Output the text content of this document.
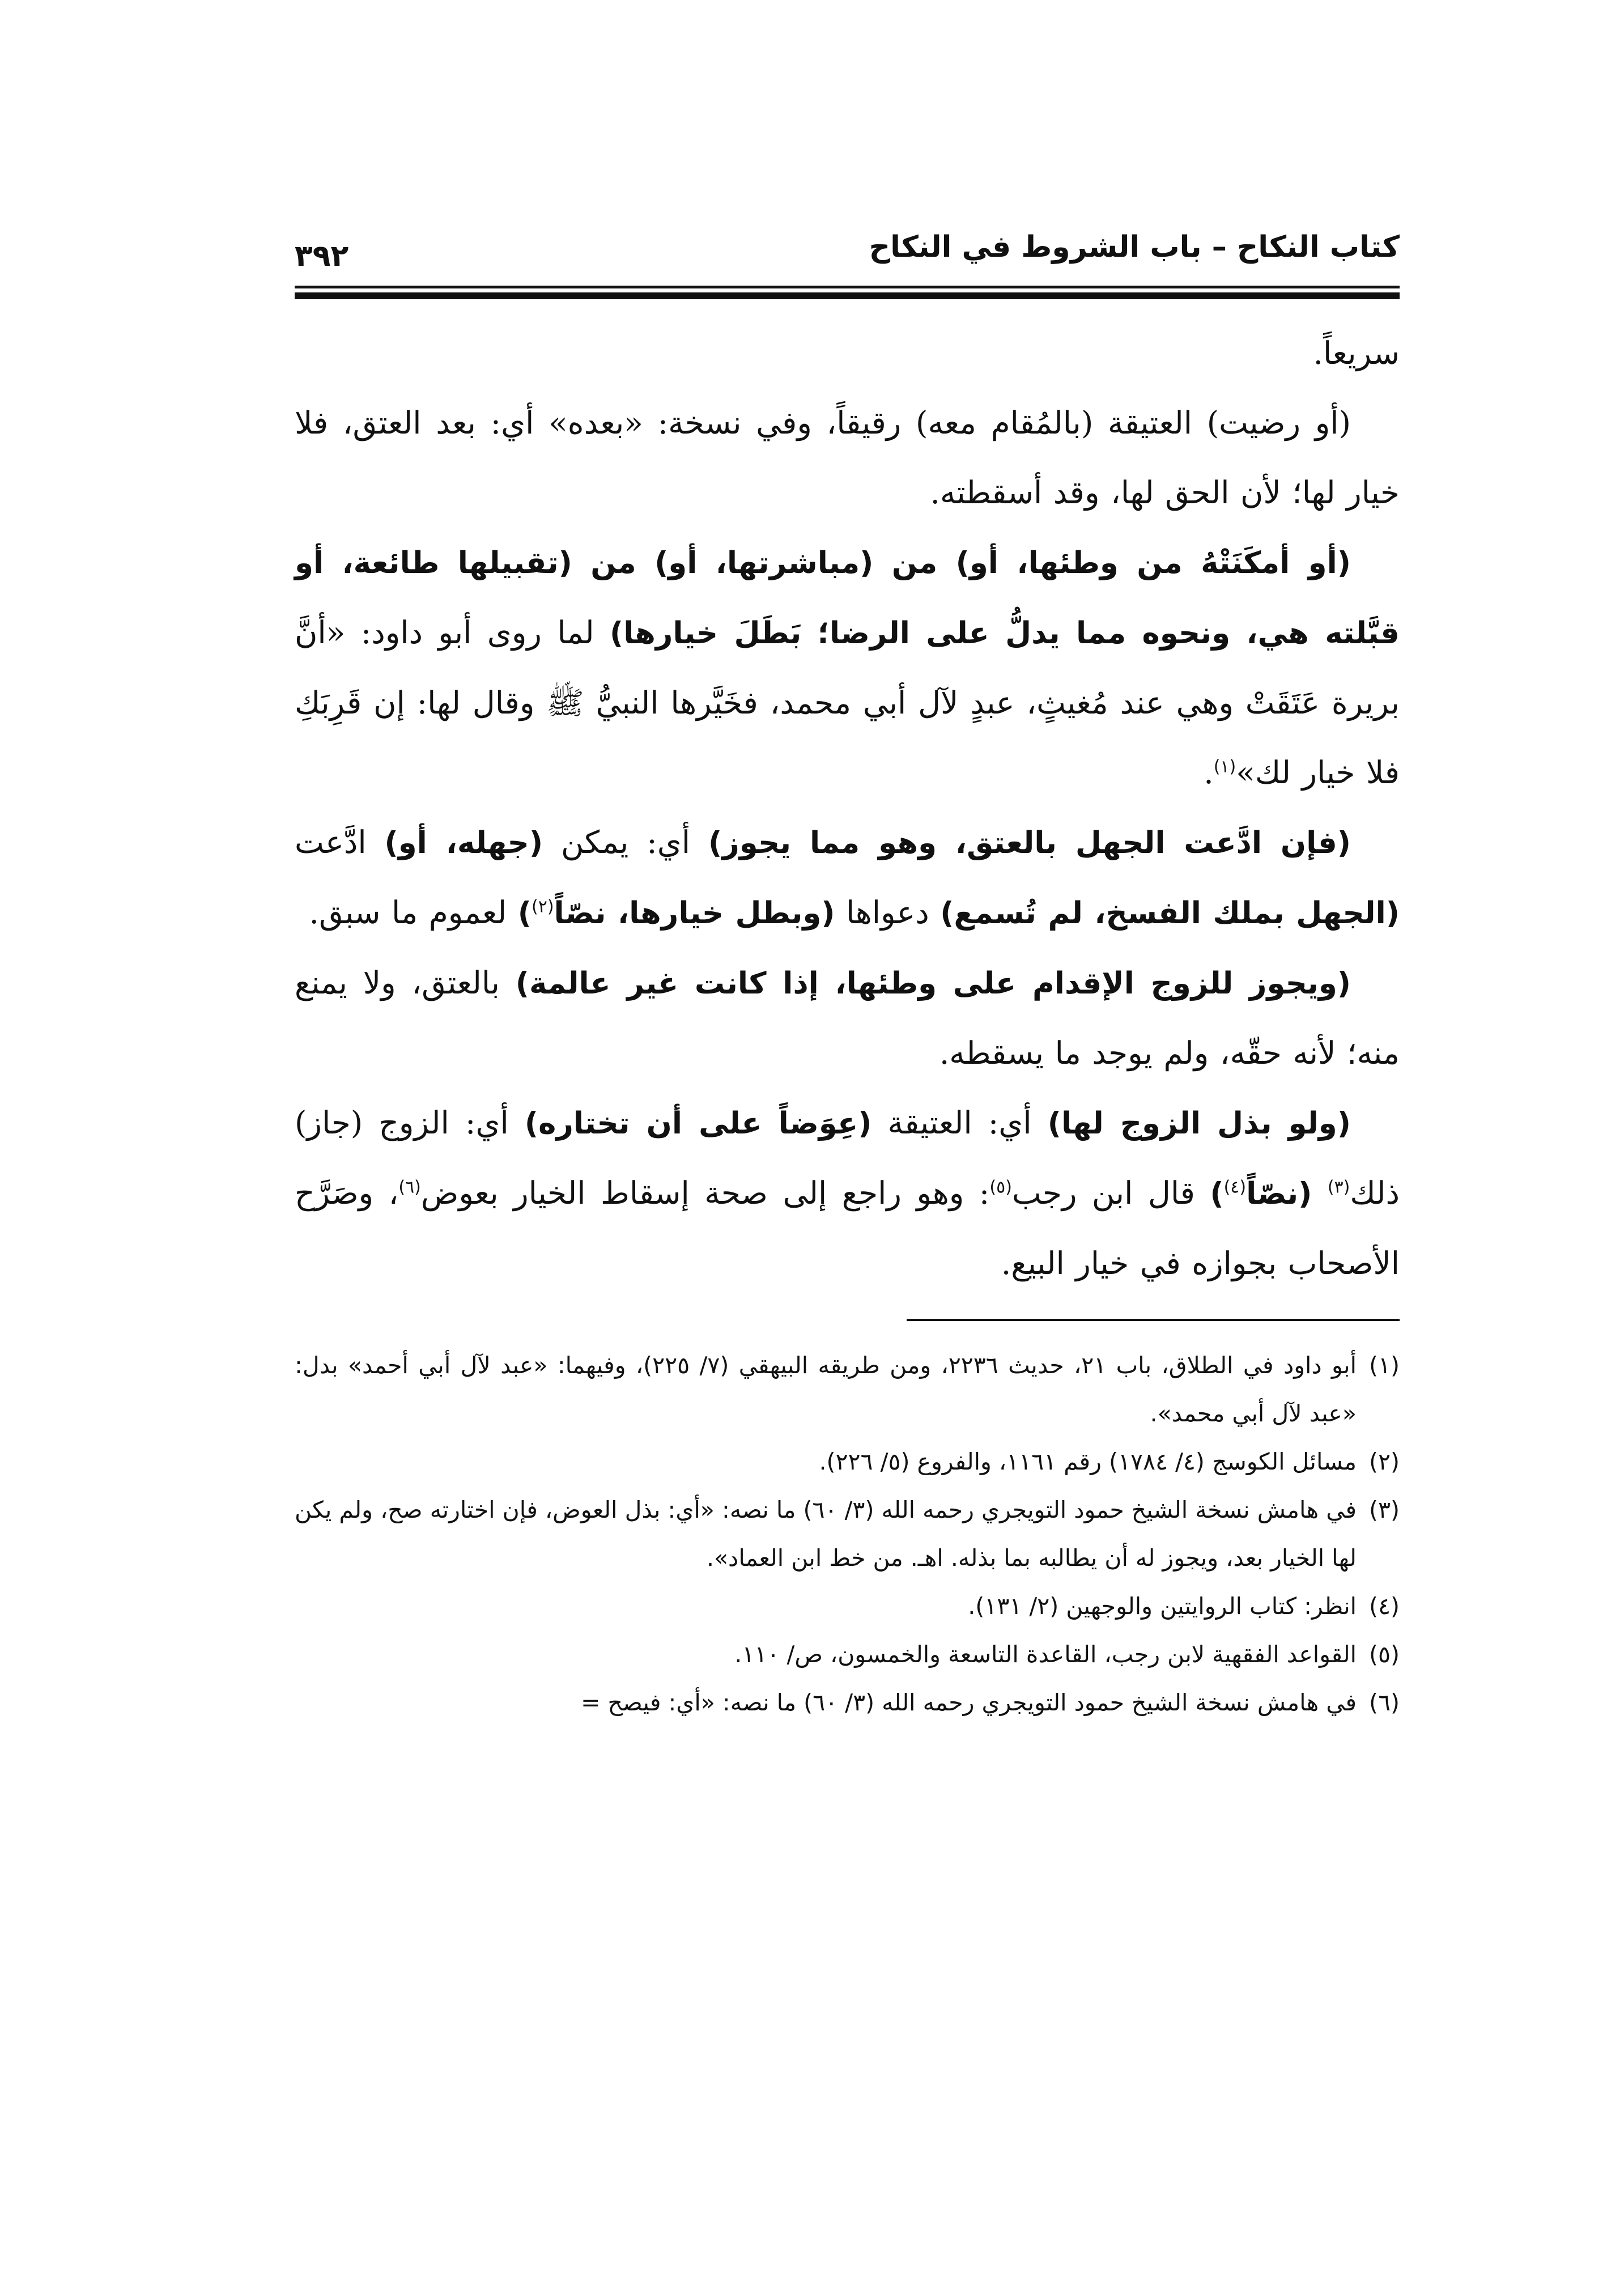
كتاب النكاح – باب الشروط في النكاح
٣٩٢

سريعاً.

(أو رضيت) العتيقة (بالمُقام معه) رقيقاً، وفي نسخة: «بعده» أي: بعد العتق، فلا خيار لها؛ لأن الحق لها، وقد أسقطته.

(أو أمكَنَتْهُ من وطئها، أو) من (مباشرتها، أو) من (تقبيلها طائعة، أو قبَّلته هي، ونحوه مما يدلُّ على الرضا؛ بَطَلَ خيارها) لما روى أبو داود: «أنَّ بريرة عَتَقَتْ وهي عند مُغيثٍ، عبدٍ لآل أبي محمد، فخَيَّرها النبيُّ ﷺ وقال لها: إن قَرِبَكِ فلا خيار لك»$^{(١)}$.

(فإن ادَّعت الجهل بالعتق، وهو مما يجوز) أي: يمكن (جهله، أو) ادَّعت (الجهل بملك الفسخ، لم تُسمع) دعواها (وبطل خيارها، نصّاً$^{(٢)}$) لعموم ما سبق.

(ويجوز للزوج الإقدام على وطئها، إذا كانت غير عالمة) بالعتق، ولا يمنع منه؛ لأنه حقّه، ولم يوجد ما يسقطه.

(ولو بذل الزوج لها) أي: العتيقة (عِوَضاً على أن تختاره) أي: الزوج (جاز) ذلك$^{(٣)}$ (نصّاً$^{(٤)}$) قال ابن رجب$^{(٥)}$: وهو راجع إلى صحة إسقاط الخيار بعوض$^{(٦)}$، وصَرَّح الأصحاب بجوازه في خيار البيع.

(١)أبو داود في الطلاق، باب ٢١، حديث ٢٢٣٦، ومن طريقه البيهقي (٧/ ٢٢٥)، وفيهما: «عبد لآل أبي أحمد» بدل: «عبد لآل أبي محمد».

(٢)مسائل الكوسج (٤/ ١٧٨٤) رقم ١١٦١، والفروع (٥/ ٢٢٦).

(٣)في هامش نسخة الشيخ حمود التويجري رحمه الله (٣/ ٦٠) ما نصه: «أي: بذل العوض، فإن اختارته صح، ولم يكن لها الخيار بعد، ويجوز له أن يطالبه بما بذله. اهـ. من خط ابن العماد».

(٤)انظر: كتاب الروايتين والوجهين (٢/ ١٣١).

(٥)القواعد الفقهية لابن رجب، القاعدة التاسعة والخمسون، ص/ ١١٠.

(٦)في هامش نسخة الشيخ حمود التويجري رحمه الله (٣/ ٦٠) ما نصه: «أي: فيصح =
